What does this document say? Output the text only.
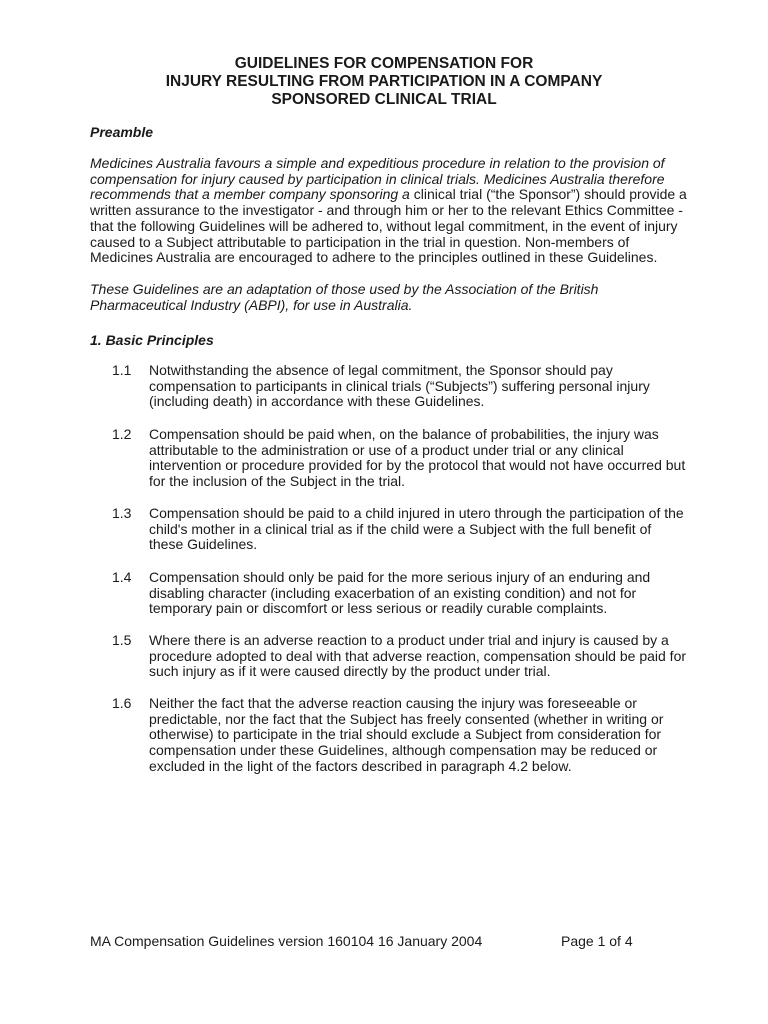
GUIDELINES FOR COMPENSATION FOR
INJURY RESULTING FROM PARTICIPATION IN A COMPANY
SPONSORED CLINICAL TRIAL
Preamble

Medicines Australia favours a simple and expeditious procedure in relation to the provision of
compensation for injury caused by participation in clinical trials. Medicines Australia therefore
recommends that a member company sponsoring a clinical trial (“the Sponsor”) should provide a
written assurance to the investigator - and through him or her to the relevant Ethics Committee -
that the following Guidelines will be adhered to, without legal commitment, in the event of injury
caused to a Subject attributable to participation in the trial in question. Non-members of
Medicines Australia are encouraged to adhere to the principles outlined in these Guidelines.

These Guidelines are an adaptation of those used by the Association of the British
Pharmaceutical Industry (ABPI), for use in Australia.

1. Basic Principles
1.1 Notwithstanding the absence of legal commitment, the Sponsor should pay
compensation to participants in clinical trials (“Subjects”) suffering personal injury
(including death) in accordance with these Guidelines.
1.2 Compensation should be paid when, on the balance of probabilities, the injury was
attributable to the administration or use of a product under trial or any clinical
intervention or procedure provided for by the protocol that would not have occurred but
for the inclusion of the Subject in the trial.
1.3 Compensation should be paid to a child injured in utero through the participation of the
child's mother in a clinical trial as if the child were a Subject with the full benefit of
these Guidelines.
1.4 Compensation should only be paid for the more serious injury of an enduring and
disabling character (including exacerbation of an existing condition) and not for
temporary pain or discomfort or less serious or readily curable complaints.
1.5 Where there is an adverse reaction to a product under trial and injury is caused by a
procedure adopted to deal with that adverse reaction, compensation should be paid for
such injury as if it were caused directly by the product under trial.
1.6 Neither the fact that the adverse reaction causing the injury was foreseeable or
predictable, nor the fact that the Subject has freely consented (whether in writing or
otherwise) to participate in the trial should exclude a Subject from consideration for
compensation under these Guidelines, although compensation may be reduced or
excluded in the light of the factors described in paragraph 4.2 below.
MA Compensation Guidelines version 160104 16 January 2004	Page 1 of 4
